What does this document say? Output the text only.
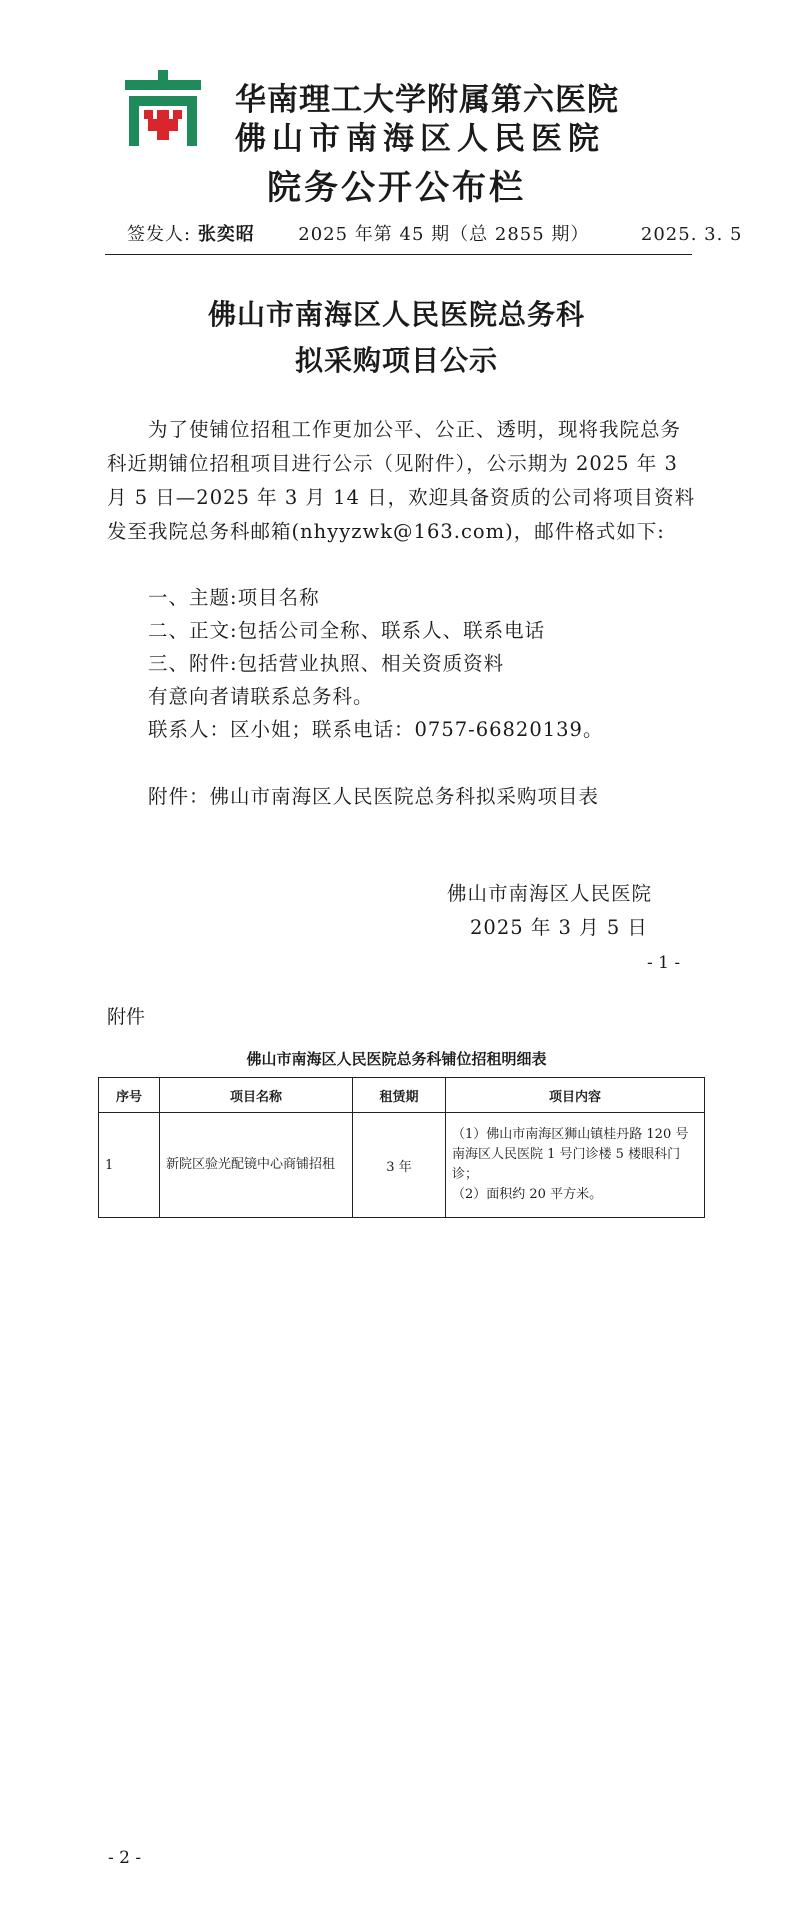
华南理工大学附属第六医院
佛山市南海区人民医院
院务公开公布栏
签发人: 张奕昭 2025 年第 45 期（总 2855 期）	2025. 3. 5
佛山市南海区人民医院总务科
拟采购项目公示
为了使铺位招租工作更加公平、公正、透明，现将我院总务科近期铺位招租项目进行公示（见附件），公示期为 2025 年 3 月 5 日—2025 年 3 月 14 日，欢迎具备资质的公司将项目资料发至我院总务科邮箱(nhyyzwk@163.com)，邮件格式如下:
一、主题:项目名称
二、正文:包括公司全称、联系人、联系电话
三、附件:包括营业执照、相关资质资料
有意向者请联系总务科。
联系人：区小姐；联系电话：0757-66820139。
附件：佛山市南海区人民医院总务科拟采购项目表
佛山市南海区人民医院
2025 年 3 月 5 日
- 1 -
附件
佛山市南海区人民医院总务科铺位招租明细表
序号	项目名称	租赁期	项目内容
1	新院区验光配镜中心商铺招租	3 年	（1）佛山市南海区狮山镇桂丹路 120 号南海区人民医院 1 号门诊楼 5 楼眼科门诊；
（2）面积约 20 平方米。
- 2 -
